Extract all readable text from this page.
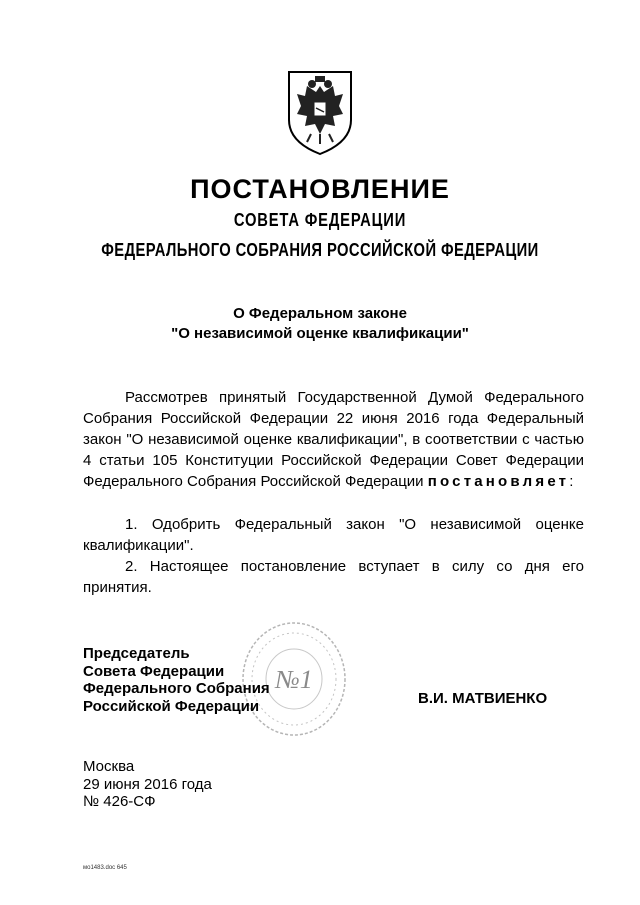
ПОСТАНОВЛЕНИЕ
СОВЕТА ФЕДЕРАЦИИ
ФЕДЕРАЛЬНОГО СОБРАНИЯ РОССИЙСКОЙ ФЕДЕРАЦИИ
О Федеральном законе
"О независимой оценке квалификации"
Рассмотрев принятый Государственной Думой Федерального Собрания Российской Федерации 22 июня 2016 года Федеральный закон "О независимой оценке квалификации", в соответствии с частью 4 статьи 105 Конституции Российской Федерации Совет Федерации Федерального Собрания Российской Федерации постановляет:
1. Одобрить Федеральный закон "О независимой оценке квалификации".
2. Настоящее постановление вступает в силу со дня его принятия.
№1
Председатель
Совета Федерации
Федерального Собрания
Российской Федерации	В.И. МАТВИЕНКО
Москва
29 июня 2016 года
№ 426-СФ
мо1483.doc 645
